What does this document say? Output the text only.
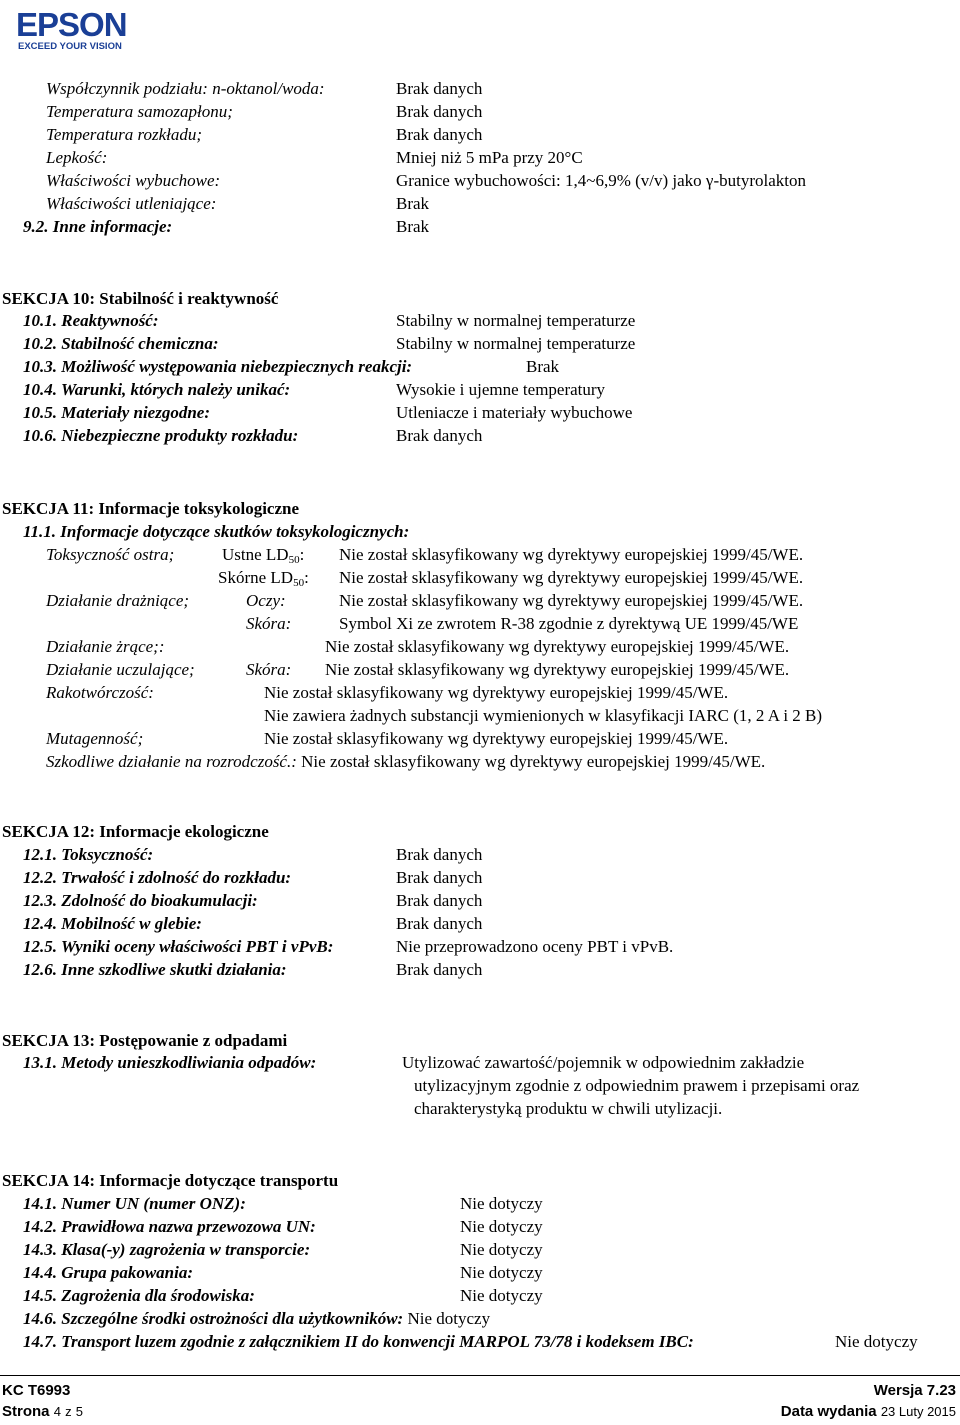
EPSON
EXCEED YOUR VISION
Współczynnik podziału: n-oktanol/woda:	Brak danych
Temperatura samozapłonu;	Brak danych
Temperatura rozkładu;	Brak danych
Lepkość:	Mniej niż 5 mPa przy 20°C
Właściwości wybuchowe:	Granice wybuchowości: 1,4~6,9% (v/v) jako γ-butyrolakton
Właściwości utleniające:	Brak
9.2. Inne informacje:	Brak
SEKCJA 10: Stabilność i reaktywność
10.1. Reaktywność:	Stabilny w normalnej temperaturze
10.2. Stabilność chemiczna:	Stabilny w normalnej temperaturze
10.3. Możliwość występowania niebezpiecznych reakcji:	Brak
10.4. Warunki, których należy unikać:	Wysokie i ujemne temperatury
10.5. Materiały niezgodne:	Utleniacze i materiały wybuchowe
10.6. Niebezpieczne produkty rozkładu:	Brak danych
SEKCJA 11: Informacje toksykologiczne
11.1. Informacje dotyczące skutków toksykologicznych:
Toksyczność ostra;	Ustne $LD_{50}$: Nie został sklasyfikowany wg dyrektywy europejskiej 1999/45/WE.
Skórne $LD_{50}$: Nie został sklasyfikowany wg dyrektywy europejskiej 1999/45/WE.
Działanie drażniące;	Oczy:	Nie został sklasyfikowany wg dyrektywy europejskiej 1999/45/WE.
Skóra:	Symbol Xi ze zwrotem R-38 zgodnie z dyrektywą UE 1999/45/WE
Działanie żrące;:	Nie został sklasyfikowany wg dyrektywy europejskiej 1999/45/WE.
Działanie uczulające;	Skóra: Nie został sklasyfikowany wg dyrektywy europejskiej 1999/45/WE.
Rakotwórczość:	Nie został sklasyfikowany wg dyrektywy europejskiej 1999/45/WE.
Nie zawiera żadnych substancji wymienionych w klasyfikacji IARC (1, 2 A i 2 B)
Mutagenność;	Nie został sklasyfikowany wg dyrektywy europejskiej 1999/45/WE.
Szkodliwe działanie na rozrodczość.: Nie został sklasyfikowany wg dyrektywy europejskiej 1999/45/WE.
SEKCJA 12: Informacje ekologiczne
12.1. Toksyczność:	Brak danych
12.2. Trwałość i zdolność do rozkładu:	Brak danych
12.3. Zdolność do bioakumulacji:	Brak danych
12.4. Mobilność w glebie:	Brak danych
12.5. Wyniki oceny właściwości PBT i vPvB:	Nie przeprowadzono oceny PBT i vPvB.
12.6. Inne szkodliwe skutki działania:	Brak danych
SEKCJA 13: Postępowanie z odpadami
13.1. Metody unieszkodliwiania odpadów:	Utylizować zawartość/pojemnik w odpowiednim zakładzie
utylizacyjnym zgodnie z odpowiednim prawem i przepisami oraz
charakterystyką produktu w chwili utylizacji.
SEKCJA 14: Informacje dotyczące transportu
14.1. Numer UN (numer ONZ):	Nie dotyczy
14.2. Prawidłowa nazwa przewozowa UN:	Nie dotyczy
14.3. Klasa(-y) zagrożenia w transporcie:	Nie dotyczy
14.4. Grupa pakowania:	Nie dotyczy
14.5. Zagrożenia dla środowiska:	Nie dotyczy
14.6. Szczególne środki ostrożności dla użytkowników: Nie dotyczy
14.7. Transport luzem zgodnie z załącznikiem II do konwencji MARPOL 73/78 i kodeksem IBC:	Nie dotyczy
KC T6993	Wersja 7.23
Strona 4 z 5	Data wydania 23 Luty 2015
